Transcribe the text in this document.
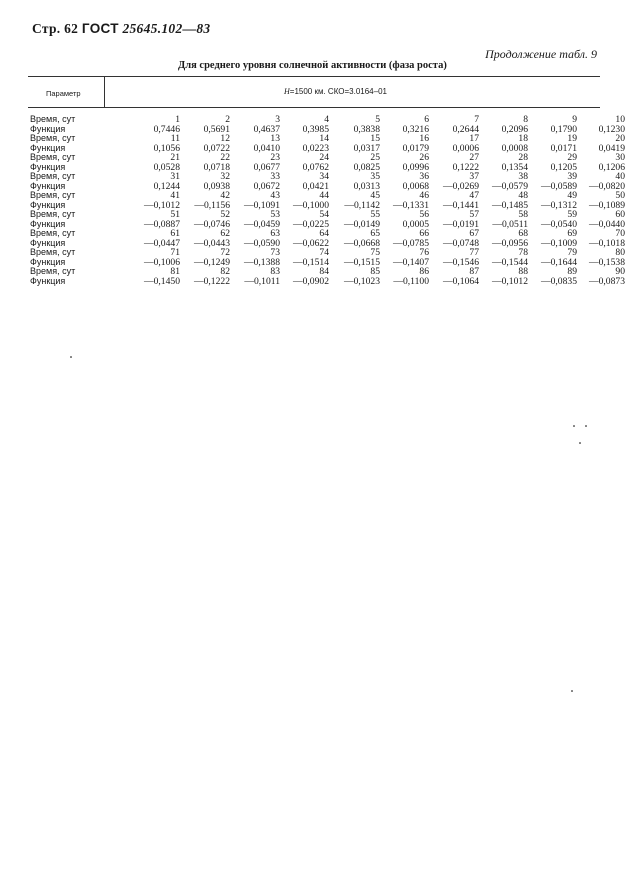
Стр. 62 ГОСТ 25645.102—83
Продолжение табл. 9
Для среднего уровня солнечной активности (фаза роста)
Параметр	H=1500 км. СКО=3.0164–01
Время, сут	1	2	3	4	5	6	7	8	9	10
Функция	0,7446	0,5691	0,4637	0,3985	0,3838	0,3216	0,2644	0,2096	0,1790	0,1230
Время, сут	11	12	13	14	15	16	17	18	19	20
Функция	0,1056	0,0722	0,0410	0,0223	0,0317	0,0179	0,0006	0,0008	0,0171	0,0419
Время, сут	21	22	23	24	25	26	27	28	29	30
Функция	0,0528	0,0718	0,0677	0,0762	0,0825	0,0996	0,1222	0,1354	0,1205	0,1206
Время, сут	31	32	33	34	35	36	37	38	39	40
Функция	0,1244	0,0938	0,0672	0,0421	0,0313	0,0068	—0,0269	—0,0579	—0,0589	—0,0820
Время, сут	41	42	43	44	45	46	47	48	49	50
Функция	—0,1012	—0,1156	—0,1091	—0,1000	—0,1142	—0,1331	—0,1441	—0,1485	—0,1312	—0,1089
Время, сут	51	52	53	54	55	56	57	58	59	60
Функция	—0,0887	—0,0746	—0,0459	—0,0225	—0,0149	0,0005	—0,0191	—0,0511	—0,0540	—0,0440
Время, сут	61	62	63	64	65	66	67	68	69	70
Функция	—0,0447	—0,0443	—0,0590	—0,0622	—0,0668	—0,0785	—0,0748	—0,0956	—0,1009	—0,1018
Время, сут	71	72	73	74	75	76	77	78	79	80
Функция	—0,1006	—0,1249	—0,1388	—0,1514	—0,1515	—0,1407	—0,1546	—0,1544	—0,1644	—0,1538
Время, сут	81	82	83	84	85	86	87	88	89	90
Функция	—0,1450	—0,1222	—0,1011	—0,0902	—0,1023	—0,1100	—0,1064	—0,1012	—0,0835	—0,0873
